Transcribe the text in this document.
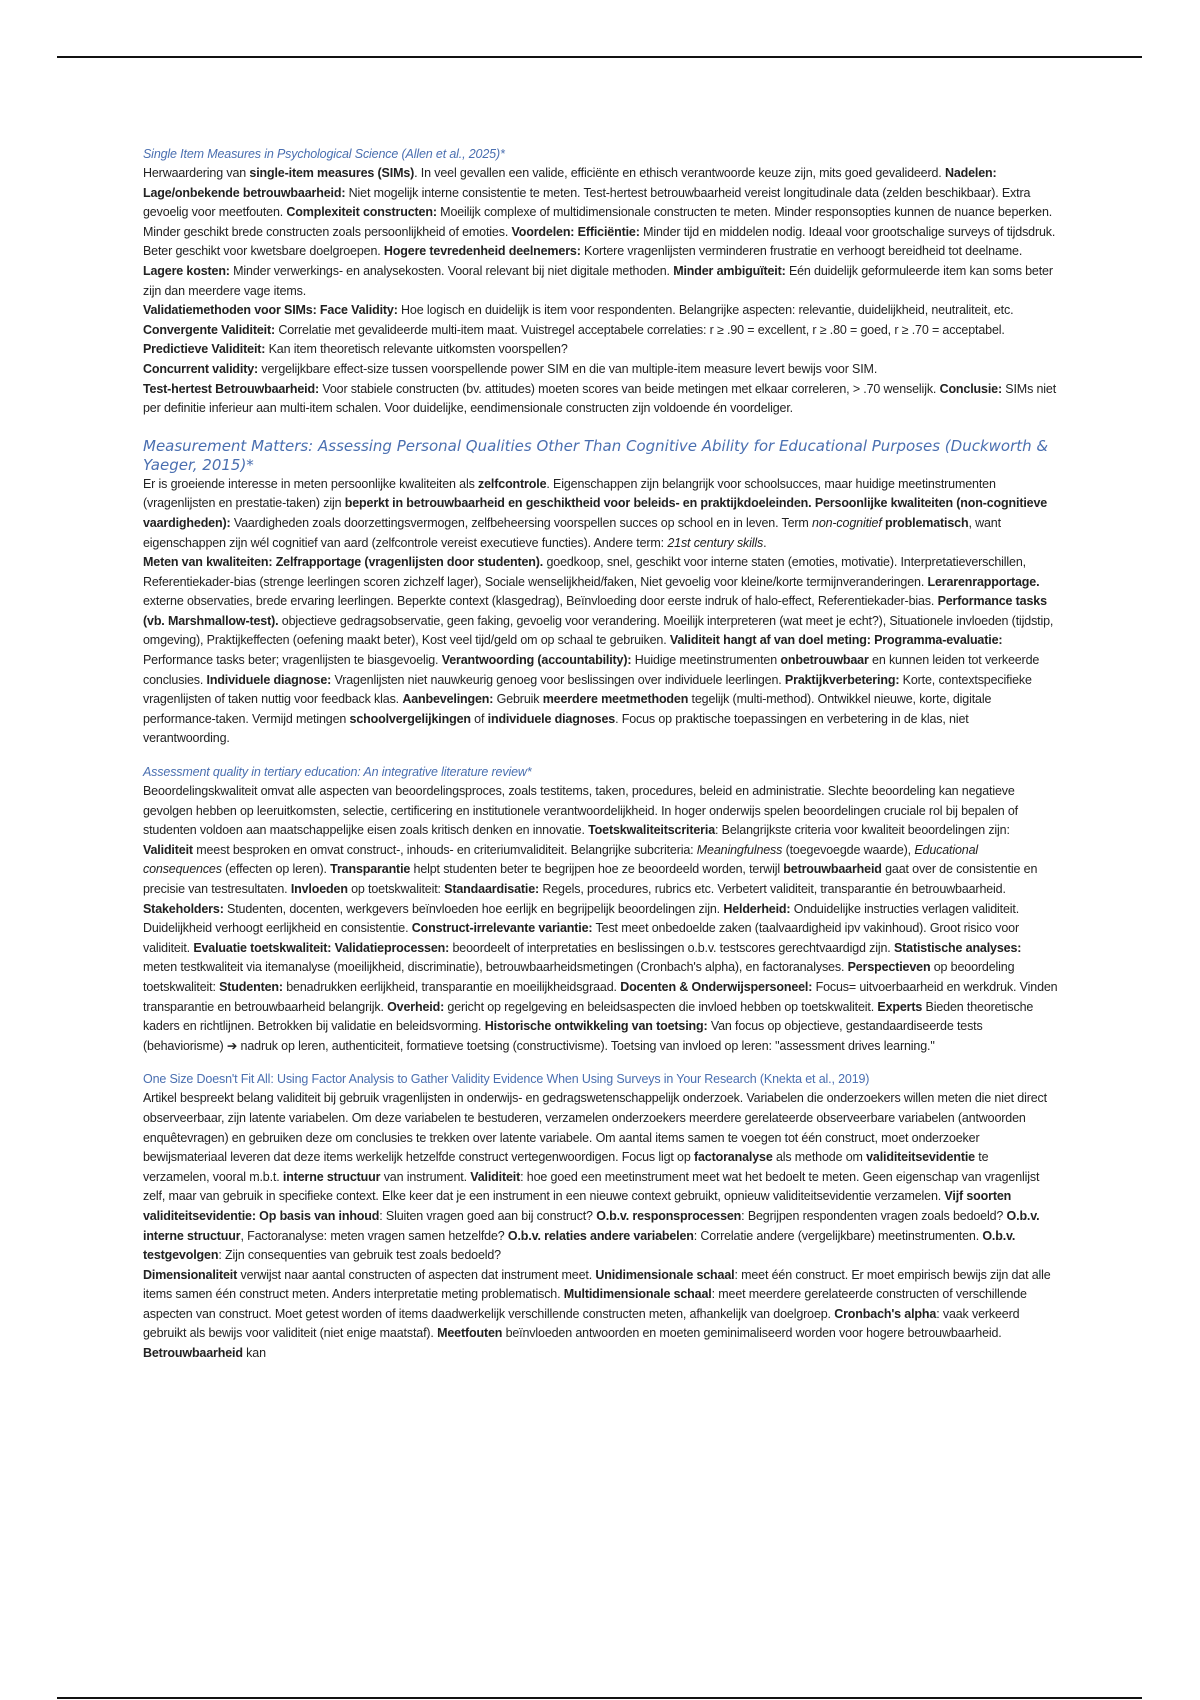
Single Item Measures in Psychological Science (Allen et al., 2025)*
Herwaardering van single-item measures (SIMs). In veel gevallen een valide, efficiënte en ethisch verantwoorde keuze zijn, mits goed gevalideerd. Nadelen: Lage/onbekende betrouwbaarheid: Niet mogelijk interne consistentie te meten. Test-hertest betrouwbaarheid vereist longitudinale data (zelden beschikbaar). Extra gevoelig voor meetfouten. Complexiteit constructen: Moeilijk complexe of multidimensionale constructen te meten. Minder responsopties kunnen de nuance beperken. Minder geschikt brede constructen zoals persoonlijkheid of emoties. Voordelen: Efficiëntie: Minder tijd en middelen nodig. Ideaal voor grootschalige surveys of tijdsdruk. Beter geschikt voor kwetsbare doelgroepen. Hogere tevredenheid deelnemers: Kortere vragenlijsten verminderen frustratie en verhoogt bereidheid tot deelname. Lagere kosten: Minder verwerkings- en analysekosten. Vooral relevant bij niet digitale methoden. Minder ambiguïteit: Eén duidelijk geformuleerde item kan soms beter zijn dan meerdere vage items.
Validatiemethoden voor SIMs: Face Validity: Hoe logisch en duidelijk is item voor respondenten. Belangrijke aspecten: relevantie, duidelijkheid, neutraliteit, etc. Convergente Validiteit: Correlatie met gevalideerde multi-item maat. Vuistregel acceptabele correlaties: r ≥ .90 = excellent, r ≥ .80 = goed, r ≥ .70 = acceptabel. Predictieve Validiteit: Kan item theoretisch relevante uitkomsten voorspellen?
Concurrent validity: vergelijkbare effect-size tussen voorspellende power SIM en die van multiple-item measure levert bewijs voor SIM.
Test-hertest Betrouwbaarheid: Voor stabiele constructen (bv. attitudes) moeten scores van beide metingen met elkaar correleren, > .70 wenselijk. Conclusie: SIMs niet per definitie inferieur aan multi-item schalen. Voor duidelijke, eendimensionale constructen zijn voldoende én voordeliger.
Measurement Matters: Assessing Personal Qualities Other Than Cognitive Ability for Educational Purposes (Duckworth & Yaeger, 2015)*
Er is groeiende interesse in meten persoonlijke kwaliteiten als zelfcontrole. Eigenschappen zijn belangrijk voor schoolsucces, maar huidige meetinstrumenten (vragenlijsten en prestatie-taken) zijn beperkt in betrouwbaarheid en geschiktheid voor beleids- en praktijkdoeleinden. Persoonlijke kwaliteiten (non-cognitieve vaardigheden): Vaardigheden zoals doorzettingsvermogen, zelfbeheersing voorspellen succes op school en in leven. Term non-cognitief problematisch, want eigenschappen zijn wél cognitief van aard (zelfcontrole vereist executieve functies). Andere term: 21st century skills.
Meten van kwaliteiten: Zelfrapportage (vragenlijsten door studenten). goedkoop, snel, geschikt voor interne staten (emoties, motivatie). Interpretatieverschillen, Referentiekader-bias (strenge leerlingen scoren zichzelf lager), Sociale wenselijkheid/faken, Niet gevoelig voor kleine/korte termijnveranderingen. Lerarenrapportage. externe observaties, brede ervaring leerlingen. Beperkte context (klasgedrag), Beïnvloeding door eerste indruk of halo-effect, Referentiekader-bias. Performance tasks (vb. Marshmallow-test). objectieve gedragsobservatie, geen faking, gevoelig voor verandering. Moeilijk interpreteren (wat meet je echt?), Situationele invloeden (tijdstip, omgeving), Praktijkeffecten (oefening maakt beter), Kost veel tijd/geld om op schaal te gebruiken. Validiteit hangt af van doel meting: Programma-evaluatie: Performance tasks beter; vragenlijsten te biasgevoelig. Verantwoording (accountability): Huidige meetinstrumenten onbetrouwbaar en kunnen leiden tot verkeerde conclusies. Individuele diagnose: Vragenlijsten niet nauwkeurig genoeg voor beslissingen over individuele leerlingen. Praktijkverbetering: Korte, contextspecifieke vragenlijsten of taken nuttig voor feedback klas. Aanbevelingen: Gebruik meerdere meetmethoden tegelijk (multi-method). Ontwikkel nieuwe, korte, digitale performance-taken. Vermijd metingen schoolvergelijkingen of individuele diagnoses. Focus op praktische toepassingen en verbetering in de klas, niet verantwoording.
Assessment quality in tertiary education: An integrative literature review*
Beoordelingskwaliteit omvat alle aspecten van beoordelingsproces, zoals testitems, taken, procedures, beleid en administratie. Slechte beoordeling kan negatieve gevolgen hebben op leeruitkomsten, selectie, certificering en institutionele verantwoordelijkheid. In hoger onderwijs spelen beoordelingen cruciale rol bij bepalen of studenten voldoen aan maatschappelijke eisen zoals kritisch denken en innovatie. Toetskwaliteitscriteria: Belangrijkste criteria voor kwaliteit beoordelingen zijn: Validiteit meest besproken en omvat construct-, inhouds- en criteriumvaliditeit. Belangrijke subcriteria: Meaningfulness (toegevoegde waarde), Educational consequences (effecten op leren). Transparantie helpt studenten beter te begrijpen hoe ze beoordeeld worden, terwijl betrouwbaarheid gaat over de consistentie en precisie van testresultaten. Invloeden op toetskwaliteit: Standaardisatie: Regels, procedures, rubrics etc. Verbetert validiteit, transparantie én betrouwbaarheid. Stakeholders: Studenten, docenten, werkgevers beïnvloeden hoe eerlijk en begrijpelijk beoordelingen zijn. Helderheid: Onduidelijke instructies verlagen validiteit. Duidelijkheid verhoogt eerlijkheid en consistentie. Construct-irrelevante variantie: Test meet onbedoelde zaken (taalvaardigheid ipv vakinhoud). Groot risico voor validiteit. Evaluatie toetskwaliteit: Validatieprocessen: beoordeelt of interpretaties en beslissingen o.b.v. testscores gerechtvaardigd zijn. Statistische analyses: meten testkwaliteit via itemanalyse (moeilijkheid, discriminatie), betrouwbaarheidsmetingen (Cronbach's alpha), en factoranalyses. Perspectieven op beoordeling toetskwaliteit: Studenten: benadrukken eerlijkheid, transparantie en moeilijkheidsgraad. Docenten & Onderwijspersoneel: Focus= uitvoerbaarheid en werkdruk. Vinden transparantie en betrouwbaarheid belangrijk. Overheid: gericht op regelgeving en beleidsaspecten die invloed hebben op toetskwaliteit. Experts Bieden theoretische kaders en richtlijnen. Betrokken bij validatie en beleidsvorming. Historische ontwikkeling van toetsing: Van focus op objectieve, gestandaardiseerde tests (behaviorisme) ➔ nadruk op leren, authenticiteit, formatieve toetsing (constructivisme). Toetsing van invloed op leren: "assessment drives learning."
One Size Doesn't Fit All: Using Factor Analysis to Gather Validity Evidence When Using Surveys in Your Research (Knekta et al., 2019)
Artikel bespreekt belang validiteit bij gebruik vragenlijsten in onderwijs- en gedragswetenschappelijk onderzoek. Variabelen die onderzoekers willen meten die niet direct observeerbaar, zijn latente variabelen. Om deze variabelen te bestuderen, verzamelen onderzoekers meerdere gerelateerde observeerbare variabelen (antwoorden enquêtevragen) en gebruiken deze om conclusies te trekken over latente variabele. Om aantal items samen te voegen tot één construct, moet onderzoeker bewijsmateriaal leveren dat deze items werkelijk hetzelfde construct vertegenwoordigen. Focus ligt op factoranalyse als methode om validiteitsevidentie te verzamelen, vooral m.b.t. interne structuur van instrument. Validiteit: hoe goed een meetinstrument meet wat het bedoelt te meten. Geen eigenschap van vragenlijst zelf, maar van gebruik in specifieke context. Elke keer dat je een instrument in een nieuwe context gebruikt, opnieuw validiteitsevidentie verzamelen. Vijf soorten validiteitsevidentie: Op basis van inhoud: Sluiten vragen goed aan bij construct? O.b.v. responsprocessen: Begrijpen respondenten vragen zoals bedoeld? O.b.v. interne structuur, Factoranalyse: meten vragen samen hetzelfde? O.b.v. relaties andere variabelen: Correlatie andere (vergelijkbare) meetinstrumenten. O.b.v. testgevolgen: Zijn consequenties van gebruik test zoals bedoeld?
Dimensionaliteit verwijst naar aantal constructen of aspecten dat instrument meet. Unidimensionale schaal: meet één construct. Er moet empirisch bewijs zijn dat alle items samen één construct meten. Anders interpretatie meting problematisch. Multidimensionale schaal: meet meerdere gerelateerde constructen of verschillende aspecten van construct. Moet getest worden of items daadwerkelijk verschillende constructen meten, afhankelijk van doelgroep. Cronbach's alpha: vaak verkeerd gebruikt als bewijs voor validiteit (niet enige maatstaf). Meetfouten beïnvloeden antwoorden en moeten geminimaliseerd worden voor hogere betrouwbaarheid. Betrouwbaarheid kan
